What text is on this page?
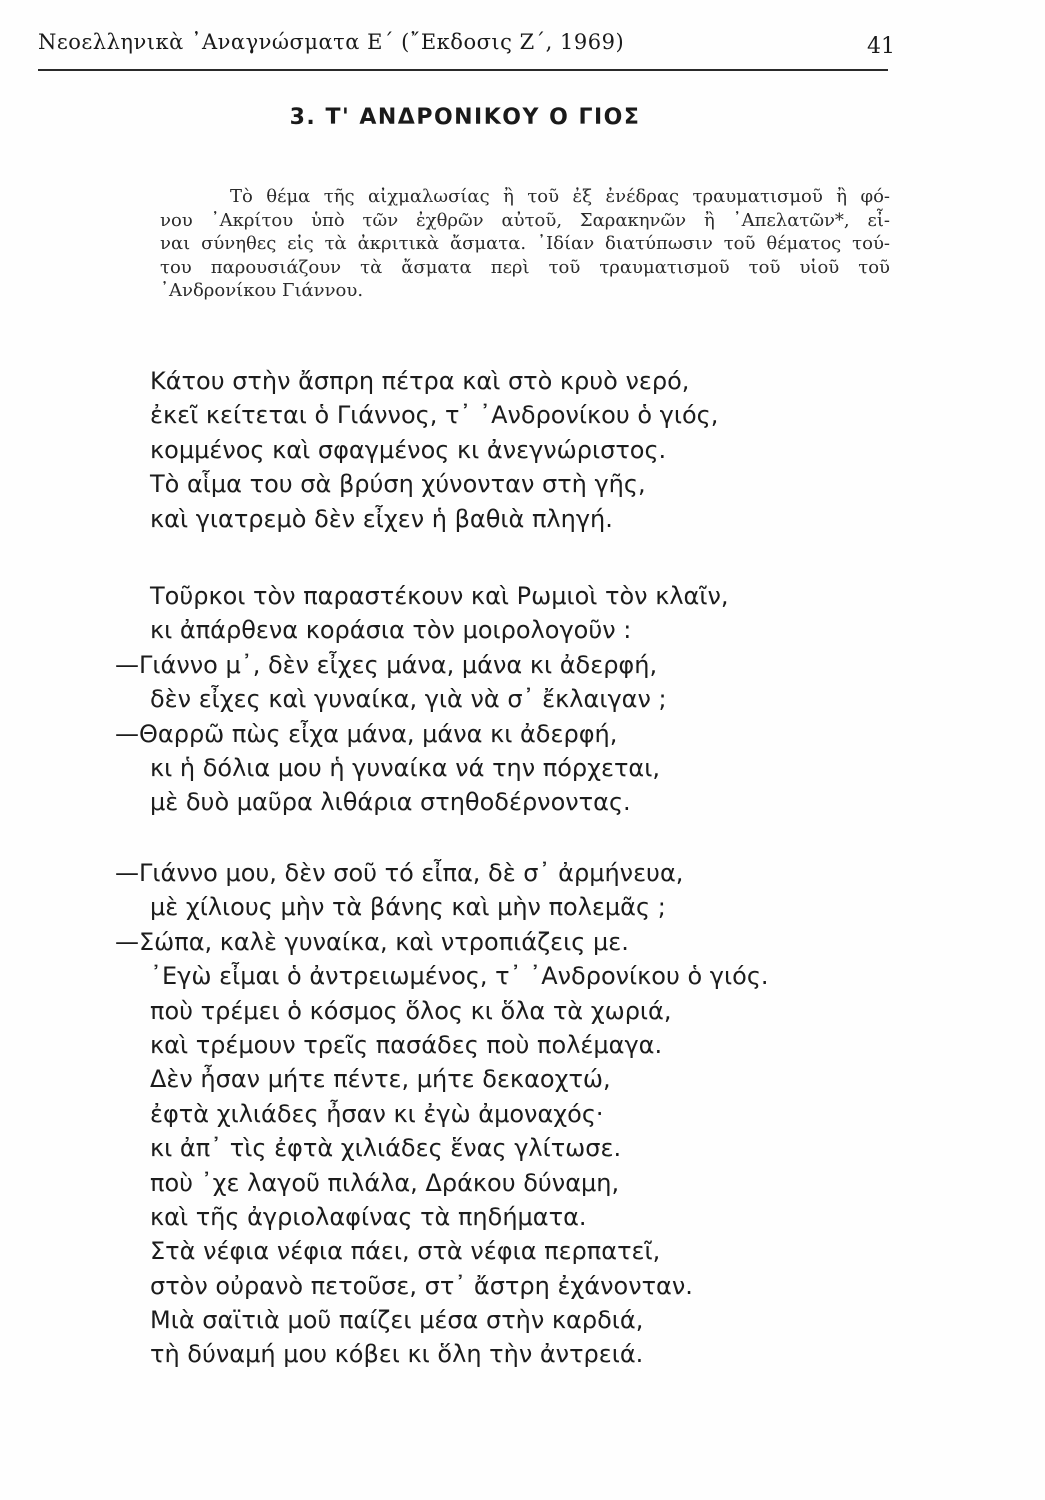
Νεοελληνικὰ ᾿Αναγνώσματα Ε΄ (῎Εκδοσις Ζ΄, 1969)	41
3. Τ' ΑΝΔΡΟΝΙΚΟΥ Ο ΓΙΟΣ
Τὸ θέμα τῆς αἰχμαλωσίας ἢ τοῦ ἐξ ἐνέδρας τραυματισμοῦ ἢ φό-
νου ᾿Ακρίτου ὑπὸ τῶν ἐχθρῶν αὐτοῦ, Σαρακηνῶν ἢ ᾿Απελατῶν*, εἶ-
ναι σύνηθες εἰς τὰ ἀκριτικὰ ἄσματα. ᾿Ιδίαν διατύπωσιν τοῦ θέματος τού-
του παρουσιάζουν τὰ ἄσματα περὶ τοῦ τραυματισμοῦ τοῦ υἱοῦ τοῦ
᾿Ανδρονίκου Γιάννου.
Κάτου στὴν ἄσπρη πέτρα καὶ στὸ κρυὸ νερό,
ἐκεῖ κείτεται ὁ Γιάννος, τ᾿ ᾿Ανδρονίκου ὁ γιός,
κομμένος καὶ σφαγμένος κι ἀνεγνώριστος.
Τὸ αἷμα του σὰ βρύση χύνονταν στὴ γῆς,
καὶ γιατρεμὸ δὲν εἶχεν ἡ βαθιὰ πληγή.
Τοῦρκοι τὸν παραστέκουν καὶ Ρωμιοὶ τὸν κλαῖν,
κι ἀπάρθενα κοράσια τὸν μοιρολογοῦν :
—Γιάννο μ᾿, δὲν εἶχες μάνα, μάνα κι ἀδερφή,
δὲν εἶχες καὶ γυναίκα, γιὰ νὰ σ᾿ ἔκλαιγαν ;
—Θαρρῶ πὼς εἶχα μάνα, μάνα κι ἀδερφή,
κι ἡ δόλια μου ἡ γυναίκα νά την πόρχεται,
μὲ δυὸ μαῦρα λιθάρια στηθοδέρνοντας.
—Γιάννο μου, δὲν σοῦ τό εἶπα, δὲ σ᾿ ἀρμήνευα,
μὲ χίλιους μὴν τὰ βάνης καὶ μὴν πολεμᾶς ;
—Σώπα, καλὲ γυναίκα, καὶ ντροπιάζεις με.
᾿Εγὼ εἶμαι ὁ ἀντρειωμένος, τ᾿ ᾿Ανδρονίκου ὁ γιός.
ποὺ τρέμει ὁ κόσμος ὅλος κι ὅλα τὰ χωριά,
καὶ τρέμουν τρεῖς πασάδες ποὺ πολέμαγα.
Δὲν ἦσαν μήτε πέντε, μήτε δεκαοχτώ,
ἐφτὰ χιλιάδες ἦσαν κι ἐγὼ ἀμοναχός·
κι ἀπ᾿ τὶς ἐφτὰ χιλιάδες ἕνας γλίτωσε.
ποὺ ᾿χε λαγοῦ πιλάλα, Δράκου δύναμη,
καὶ τῆς ἀγριολαφίνας τὰ πηδήματα.
Στὰ νέφια νέφια πάει, στὰ νέφια περπατεῖ,
στὸν οὐρανὸ πετοῦσε, στ᾿ ἄστρη ἐχάνονταν.
Μιὰ σαϊτιὰ μοῦ παίζει μέσα στὴν καρδιά,
τὴ δύναμή μου κόβει κι ὅλη τὴν ἀντρειά.
